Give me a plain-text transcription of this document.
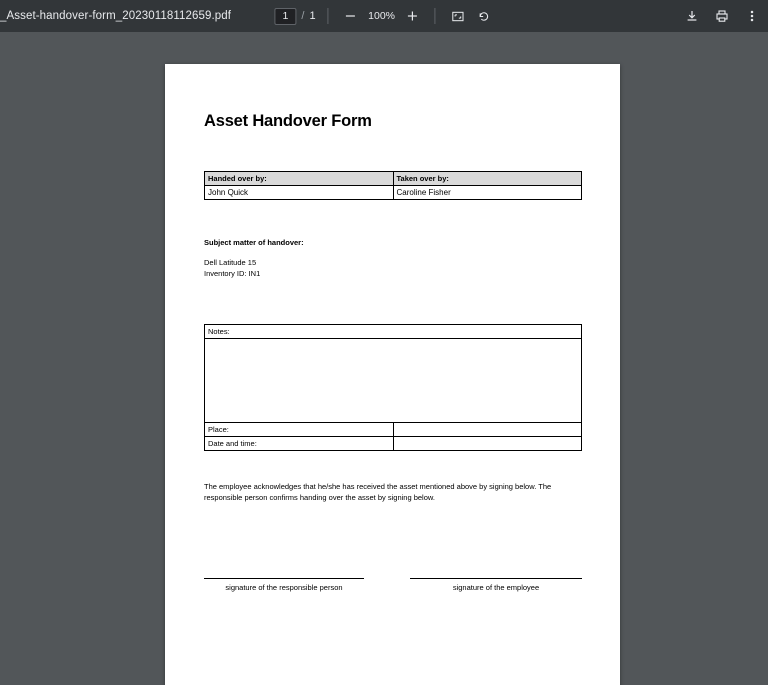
_Asset-handover-form_20230118112659.pdf
1	/ 1	100%
Asset Handover Form
Handed over by:	Taken over by:
John Quick	Caroline Fisher
Subject matter of handover:
Dell Latitude 15
Inventory ID: IN1
Notes:	

Place:	
Date and time:	
The employee acknowledges that he/she has received the asset mentioned above by signing below. The responsible person confirms handing over the asset by signing below.
signature of the responsible person	signature of the employee
